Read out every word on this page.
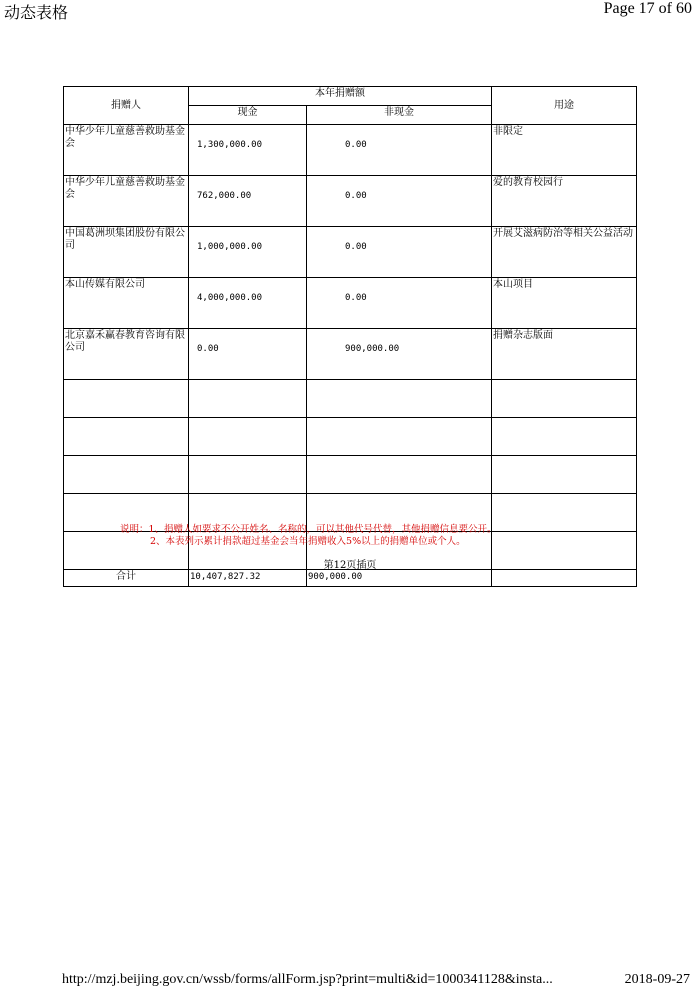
动态表格	Page 17 of 60
捐赠人	本年捐赠额		用途
	现金	非现金	
中华少年儿童慈善救助基金会	1,300,000.00	0.00	非限定
中华少年儿童慈善救助基金会	762,000.00	0.00	爱的教育校园行
中国葛洲坝集团股份有限公司	1,000,000.00	0.00	开展艾滋病防治等相关公益活动
本山传媒有限公司	4,000,000.00	0.00	本山项目
北京嘉禾赢春教育咨询有限公司	0.00	900,000.00	捐赠杂志版面

合计	10,407,827.32	900,000.00	
说明：1、捐赠人如要求不公开姓名、名称的，可以其他代号代替，其他捐赠信息要公开。
2、本表列示累计捐款超过基金会当年捐赠收入5%以上的捐赠单位或个人。
第12页插页
http://mzj.beijing.gov.cn/wssb/forms/allForm.jsp?print=multi&id=1000341128&insta...	2018-09-27
